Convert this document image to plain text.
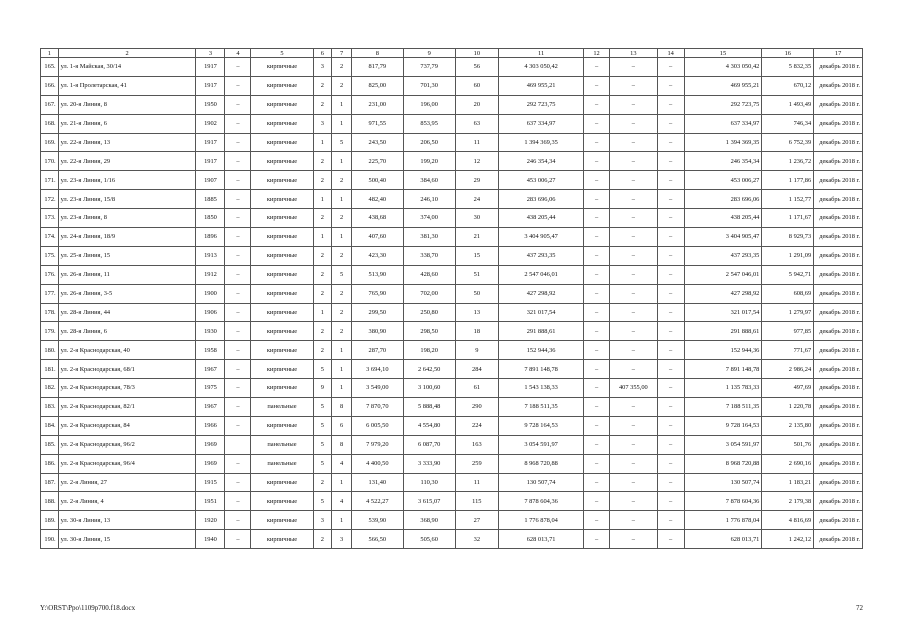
1	2	3	4	5	6	7	8	9	10	11	12	13	14	15	16	17
165.	ул. 1-я Майская, 30/14	1917	–	кирпичные	3	2	817,79	737,79	56	4 303 050,42	–	–	–	4 303 050,42	5 832,35	декабрь 2018 г.
166.	ул. 1-я Пролетарская, 41	1917	–	кирпичные	2	2	825,00	701,30	60	469 955,21	–	–	–	469 955,21	670,12	декабрь 2018 г.
167.	ул. 20-я Линия, 8	1950	–	кирпичные	2	1	231,00	196,00	20	292 723,75	–	–	–	292 723,75	1 493,49	декабрь 2018 г.
168.	ул. 21-я Линия, 6	1902	–	кирпичные	3	1	971,55	853,95	63	637 334,97	–	–	–	637 334,97	746,34	декабрь 2018 г.
169.	ул. 22-я Линия, 13	1917	–	кирпичные	1	5	243,50	206,50	11	1 394 369,35	–	–	–	1 394 369,35	6 752,39	декабрь 2018 г.
170.	ул. 22-я Линия, 29	1917	–	кирпичные	2	1	225,70	199,20	12	246 354,34	–	–	–	246 354,34	1 236,72	декабрь 2018 г.
171.	ул. 23-я Линия, 1/16	1907	–	кирпичные	2	2	500,40	384,60	29	453 006,27	–	–	–	453 006,27	1 177,86	декабрь 2018 г.
172.	ул. 23-я Линия, 15/8	1885	–	кирпичные	1	1	482,40	246,10	24	283 696,06	–	–	–	283 696,06	1 152,77	декабрь 2018 г.
173.	ул. 23-я Линия, 8	1850	–	кирпичные	2	2	438,68	374,00	30	438 205,44	–	–	–	438 205,44	1 171,67	декабрь 2018 г.
174.	ул. 24-я Линия, 18/9	1896	–	кирпичные	1	1	407,60	381,30	21	3 404 905,47	–	–	–	3 404 905,47	8 929,73	декабрь 2018 г.
175.	ул. 25-я Линия, 15	1913	–	кирпичные	2	2	423,30	338,70	15	437 293,35	–	–	–	437 293,35	1 291,09	декабрь 2018 г.
176.	ул. 26-я Линия, 11	1912	–	кирпичные	2	5	513,90	428,60	51	2 547 046,01	–	–	–	2 547 046,01	5 942,71	декабрь 2018 г.
177.	ул. 26-я Линия, 3-5	1900	–	кирпичные	2	2	765,90	702,00	50	427 298,92	–	–	–	427 298,92	608,69	декабрь 2018 г.
178.	ул. 28-я Линия, 44	1906	–	кирпичные	1	2	299,50	250,80	13	321 017,54	–	–	–	321 017,54	1 279,97	декабрь 2018 г.
179.	ул. 28-я Линия, 6	1930	–	кирпичные	2	2	380,90	298,50	18	291 888,61	–	–	–	291 888,61	977,85	декабрь 2018 г.
180.	ул. 2-я Краснодарская, 40	1958	–	кирпичные	2	1	287,70	198,20	9	152 944,36	–	–	–	152 944,36	771,67	декабрь 2018 г.
181.	ул. 2-я Краснодарская, 68/1	1967	–	кирпичные	5	1	3 694,10	2 642,50	284	7 891 148,78	–	–	–	7 891 148,78	2 986,24	декабрь 2018 г.
182.	ул. 2-я Краснодарская, 78/3	1975	–	кирпичные	9	1	3 549,00	3 100,60	61	1 543 138,33	–	407 355,00	–	1 135 783,33	497,69	декабрь 2018 г.
183.	ул. 2-я Краснодарская, 82/1	1967	–	панельные	5	8	7 870,70	5 888,48	290	7 188 511,35	–	–	–	7 188 511,35	1 220,78	декабрь 2018 г.
184.	ул. 2-я Краснодарская, 84	1966	–	кирпичные	5	6	6 005,50	4 554,80	224	9 728 164,53	–	–	–	9 728 164,53	2 135,80	декабрь 2018 г.
185.	ул. 2-я Краснодарская, 96/2	1969		панельные	5	8	7 979,20	6 087,70	163	3 054 591,97	–	–	–	3 054 591,97	501,76	декабрь 2018 г.
186.	ул. 2-я Краснодарская, 96/4	1969	–	панельные	5	4	4 400,50	3 333,90	259	8 968 720,88	–	–	–	8 968 720,88	2 690,16	декабрь 2018 г.
187.	ул. 2-я Линия, 27	1915	–	кирпичные	2	1	131,40	110,30	11	130 507,74	–	–	–	130 507,74	1 183,21	декабрь 2018 г.
188.	ул. 2-я Линия, 4	1951	–	кирпичные	5	4	4 522,27	3 615,07	115	7 878 604,36	–	–	–	7 878 604,36	2 179,38	декабрь 2018 г.
189.	ул. 30-я Линия, 13	1920	–	кирпичные	3	1	539,90	368,90	27	1 776 878,04	–	–	–	1 776 878,04	4 816,69	декабрь 2018 г.
190.	ул. 30-я Линия, 15	1940	–	кирпичные	2	3	566,50	505,60	32	628 013,71	–	–	–	628 013,71	1 242,12	декабрь 2018 г.
Y:\ORST\Ppo\1109p700.f18.docx	72
